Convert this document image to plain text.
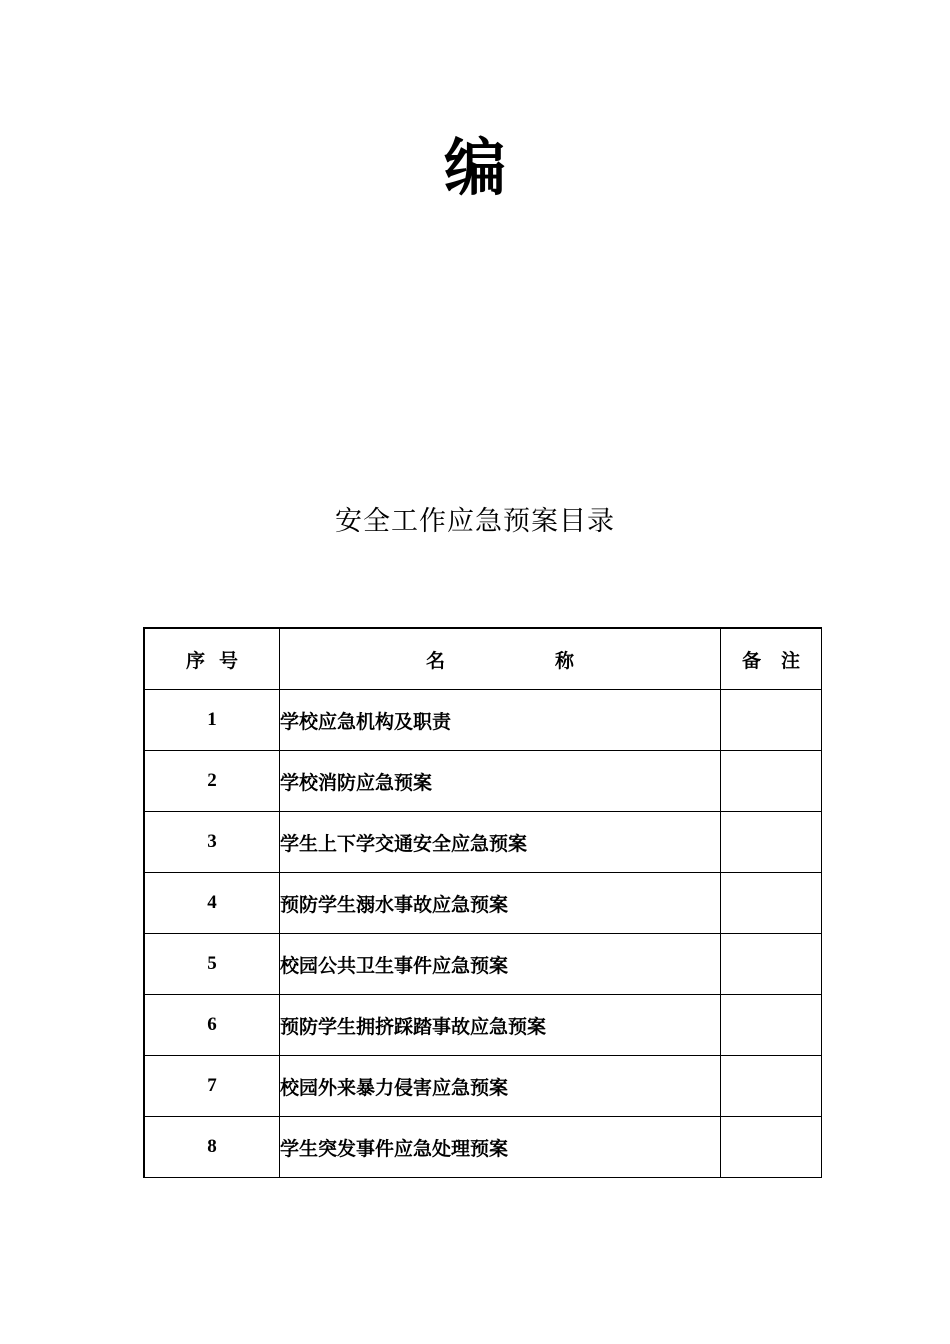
编
安全工作应急预案目录
序号	名 称	备注
1	学校应急机构及职责	
2	学校消防应急预案	
3	学生上下学交通安全应急预案	
4	预防学生溺水事故应急预案	
5	校园公共卫生事件应急预案	
6	预防学生拥挤踩踏事故应急预案	
7	校园外来暴力侵害应急预案	
8	学生突发事件应急处理预案	
